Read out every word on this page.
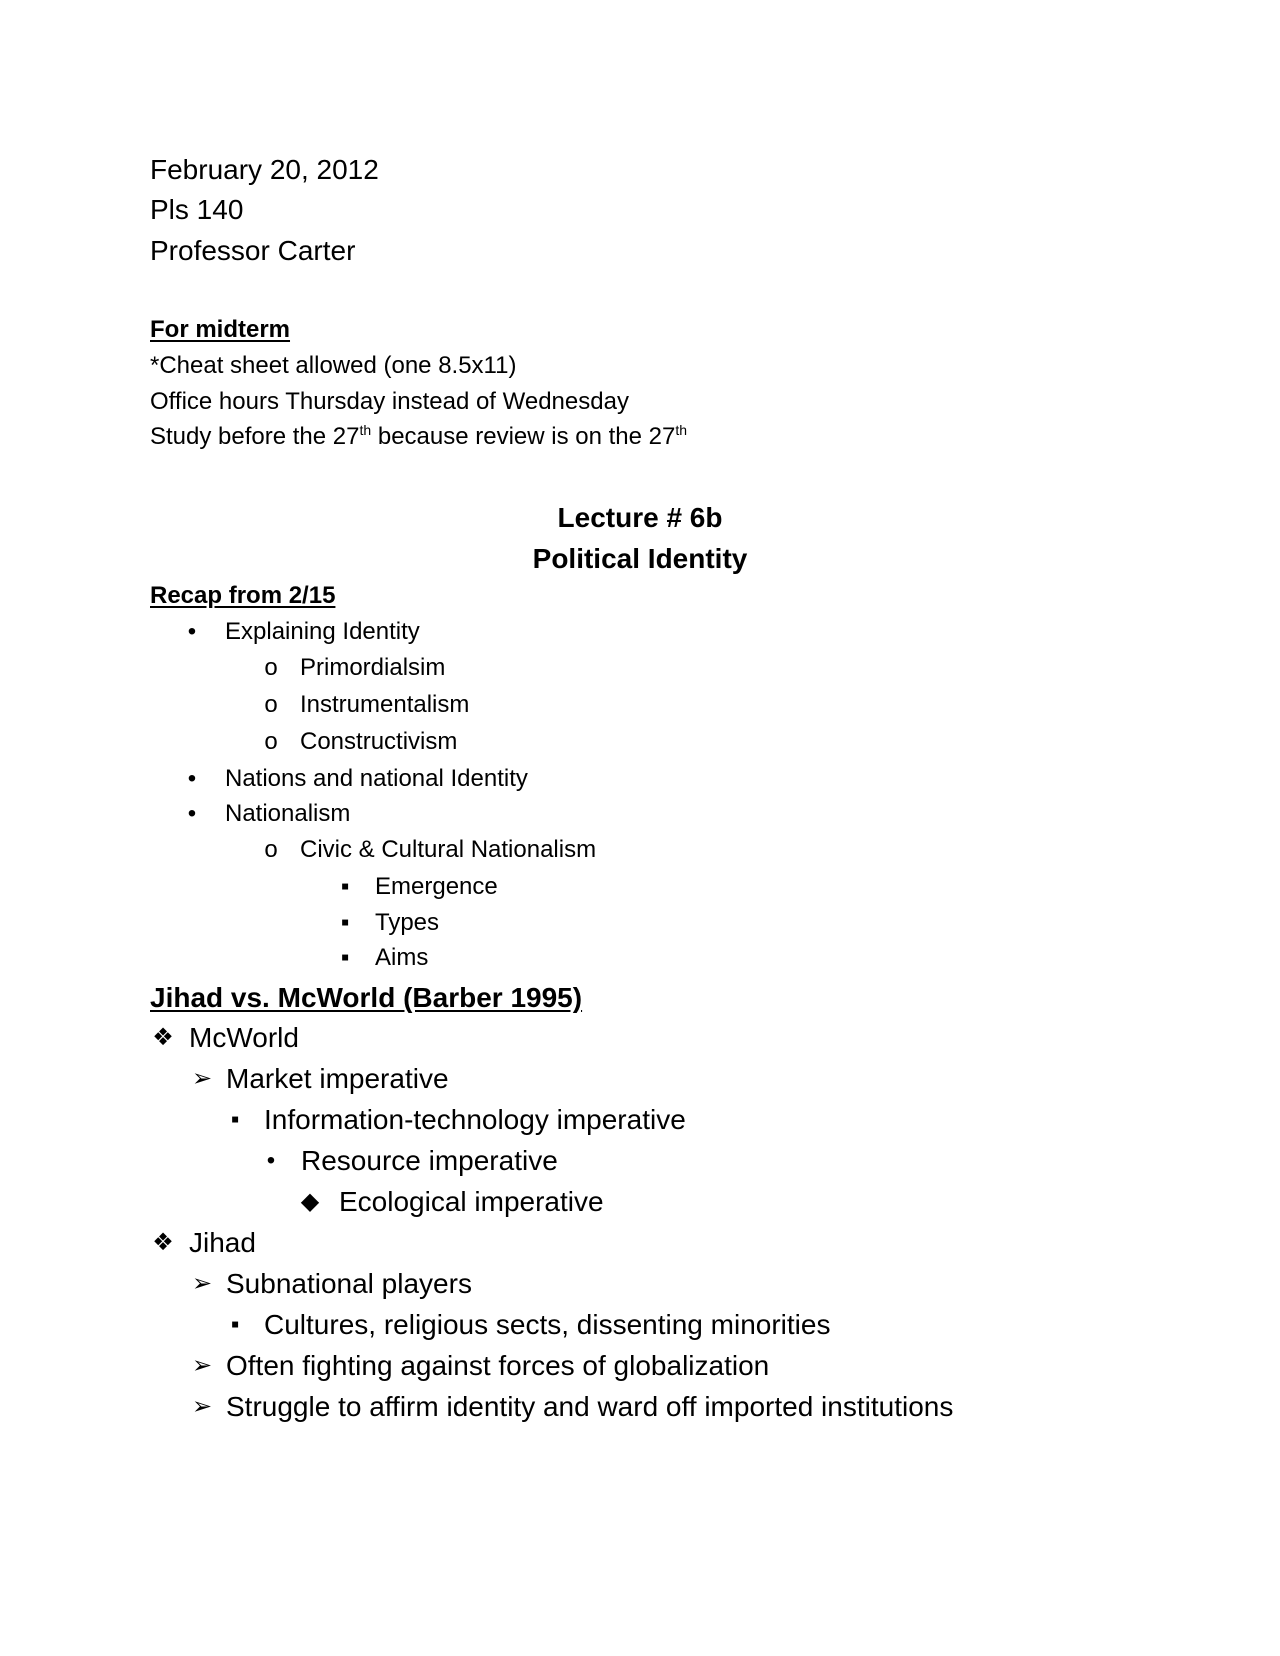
February 20, 2012
Pls 140
Professor Carter
For midterm
*Cheat sheet allowed (one 8.5x11)
Office hours Thursday instead of Wednesday
Study before the 27th because review is on the 27th
Lecture # 6b
Political Identity
Recap from 2/15
• Explaining Identity
o Primordialsim
o Instrumentalism
o Constructivism
• Nations and national Identity
• Nationalism
o Civic & Cultural Nationalism
▪ Emergence
▪ Types
▪ Aims
Jihad vs. McWorld (Barber 1995)
❖ McWorld
➢ Market imperative
▪ Information-technology imperative
• Resource imperative
◆ Ecological imperative
❖ Jihad
➢ Subnational players
▪ Cultures, religious sects, dissenting minorities
➢ Often fighting against forces of globalization
➢ Struggle to affirm identity and ward off imported institutions
